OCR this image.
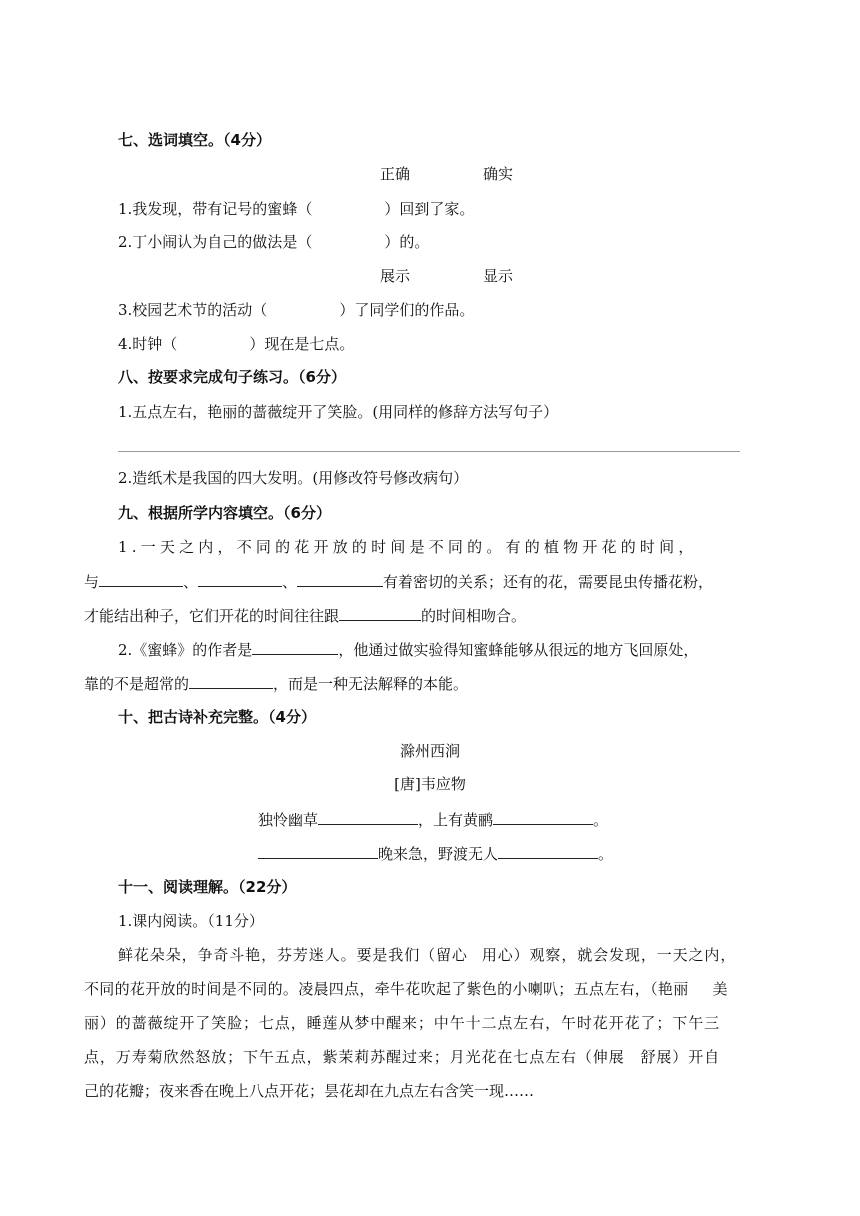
七、选词填空。（4分）
正确	确实
1.我发现，带有记号的蜜蜂（	）回到了家。
2.丁小闹认为自己的做法是（	）的。
展示	显示
3.校园艺术节的活动（	）了同学们的作品。
4.时钟（	）现在是七点。
八、按要求完成句子练习。（6分）
1.五点左右，艳丽的蔷薇绽开了笑脸。(用同样的修辞方法写句子）
2.造纸术是我国的四大发明。(用修改符号修改病句）
九、根据所学内容填空。（6分）
1.一天之内，不同的花开放的时间是不同的。有的植物开花的时间，
与	、	、	有着密切的关系；还有的花，需要昆虫传播花粉，
才能结出种子，它们开花的时间往往跟	的时间相吻合。
2.《蜜蜂》的作者是	，他通过做实验得知蜜蜂能够从很远的地方飞回原处，
靠的不是超常的	，而是一种无法解释的本能。
十、把古诗补充完整。（4分）
滁州西涧
[唐]韦应物
独怜幽草	，上有黄鹂	。
晚来急，野渡无人	。
十一、阅读理解。（22分）
1.课内阅读。（11分）
鲜花朵朵，争奇斗艳，芬芳迷人。要是我们（留心 用心）观察，就会发现，一天之内，
不同的花开放的时间是不同的。凌晨四点，牵牛花吹起了紫色的小喇叭；五点左右，（艳丽 美
丽）的蔷薇绽开了笑脸；七点，睡莲从梦中醒来；中午十二点左右，午时花开花了；下午三
点，万寿菊欣然怒放；下午五点，紫茉莉苏醒过来；月光花在七点左右（伸展　舒展）开自
己的花瓣；夜来香在晚上八点开花；昙花却在九点左右含笑一现……
